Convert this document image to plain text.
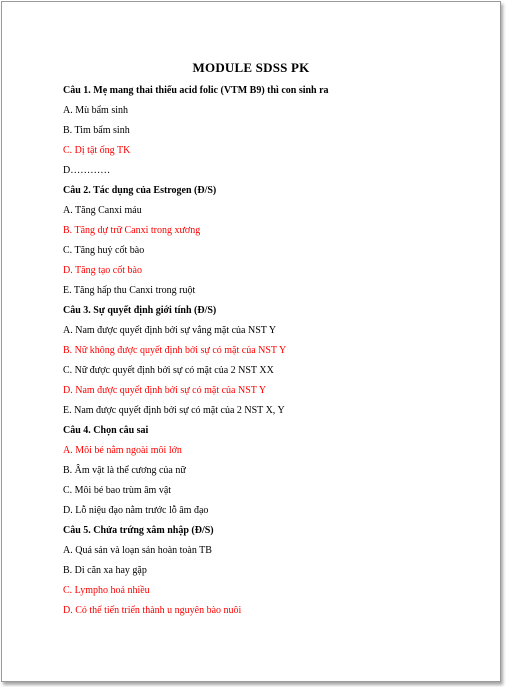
MODULE SDSS PK
Câu 1. Mẹ mang thai thiếu acid folic (VTM B9) thì con sinh ra
A. Mù bẩm sinh
B. Tim bẩm sinh
C. Dị tật ống TK
D…………
Câu 2. Tác dụng của Estrogen (Đ/S)
A. Tăng Canxi máu
B. Tăng dự trữ Canxi trong xương
C. Tăng huỷ cốt bào
D. Tăng tạo cốt bào
E. Tăng hấp thu Canxi trong ruột
Câu 3. Sự quyết định giới tính (Đ/S)
A. Nam được quyết định bởi sự vắng mặt của NST Y
B. Nữ không được quyết định bởi sự có mặt của NST Y
C. Nữ được quyết định bởi sự có mặt của 2 NST XX
D. Nam được quyết định bởi sự có mặt của NST Y
E. Nam được quyết định bởi sự có mặt của 2 NST X, Y
Câu 4. Chọn câu sai
A. Môi bé nằm ngoài môi lớn
B. Âm vật là thể cương của nữ
C. Môi bé bao trùm âm vật
D. Lỗ niệu đạo nằm trước lỗ âm đạo
Câu 5. Chửa trứng xâm nhập (Đ/S)
A. Quá sản và loạn sản hoàn toàn TB
B. Di căn xa hay gặp
C. Lympho hoá nhiều
D. Có thể tiến triển thành u nguyên bào nuôi
